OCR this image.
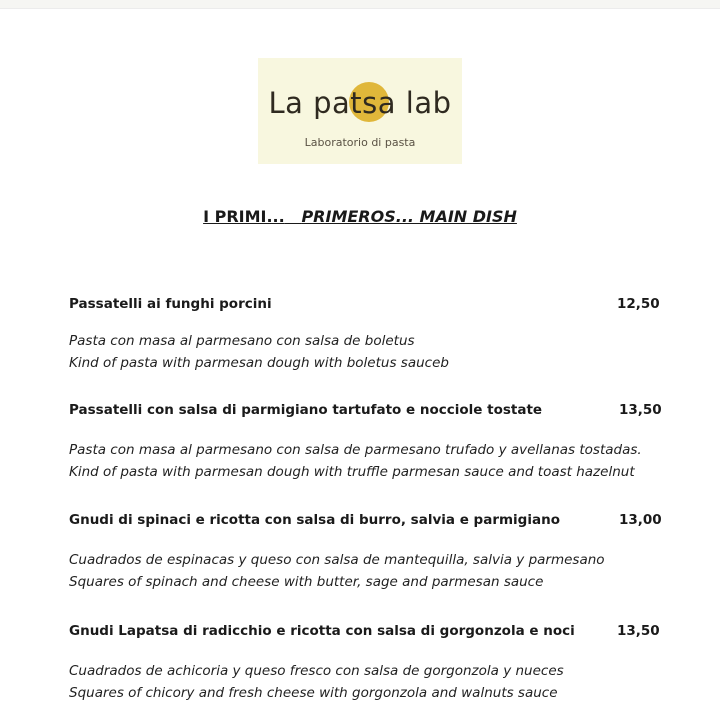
La patsa lab
Laboratorio di pasta
I PRIMI... PRIMEROS... MAIN DISH
Passatelli ai funghi porcini	12,50
Pasta con masa al parmesano con salsa de boletus
Kind of pasta with parmesan dough with boletus sauceb
Passatelli con salsa di parmigiano tartufato e nocciole tostate	13,50
Pasta con masa al parmesano con salsa de parmesano trufado y avellanas tostadas.
Kind of pasta with parmesan dough with truffle parmesan sauce and toast hazelnut
Gnudi di spinaci e ricotta con salsa di burro, salvia e parmigiano	13,00
Cuadrados de espinacas y queso con salsa de mantequilla, salvia y parmesano
Squares of spinach and cheese with butter, sage and parmesan sauce
Gnudi Lapatsa di radicchio e ricotta con salsa di gorgonzola e noci	13,50
Cuadrados de achicoria y queso fresco con salsa de gorgonzola y nueces
Squares of chicory and fresh cheese with gorgonzola and walnuts sauce
